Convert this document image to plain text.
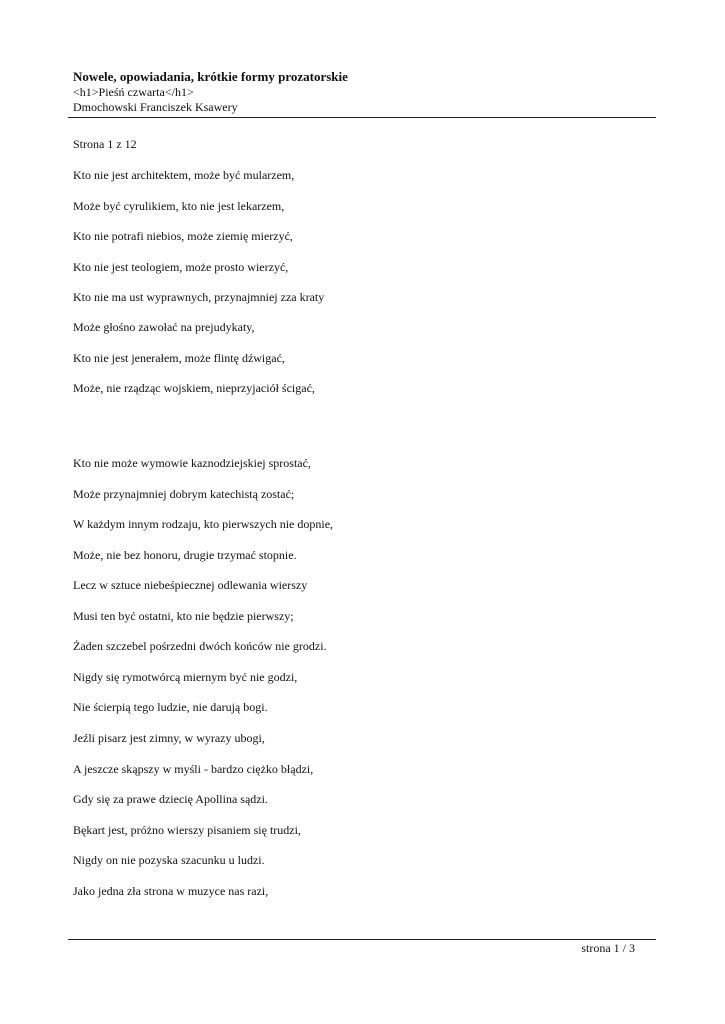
Nowele, opowiadania, krótkie formy prozatorskie

<h1>Pieśń czwarta</h1>

Dmochowski Franciszek Ksawery

Strona 1 z 12
Kto nie jest architektem, może być mularzem,
Może być cyrulikiem, kto nie jest lekarzem,
Kto nie potrafi niebios, może ziemię mierzyć,
Kto nie jest teologiem, może prosto wierzyć,
Kto nie ma ust wyprawnych, przynajmniej zza kraty
Może głośno zawołać na prejudykaty,
Kto nie jest jenerałem, może flintę dźwigać,
Może, nie rządząc wojskiem, nieprzyjaciół ścigać,
Kto nie może wymowie kaznodziejskiej sprostać,
Może przynajmniej dobrym katechistą zostać;
W każdym innym rodzaju, kto pierwszych nie dopnie,
Może, nie bez honoru, drugie trzymać stopnie.
Lecz w sztuce niebeśpiecznej odlewania wierszy
Musi ten być ostatni, kto nie będzie pierwszy;
Żaden szczebel pośrzedni dwóch końców nie grodzi.
Nigdy się rymotwórcą miernym być nie godzi,
Nie ścierpią tego ludzie, nie darują bogi.
Jeźli pisarz jest zimny, w wyrazy ubogi,
A jeszcze skąpszy w myśli - bardzo ciężko błądzi,
Gdy się za prawe dziecię Apollina sądzi.
Bękart jest, próżno wierszy pisaniem się trudzi,
Nigdy on nie pozyska szacunku u ludzi.
Jako jedna zła strona w muzyce nas razi,
strona 1 / 3
